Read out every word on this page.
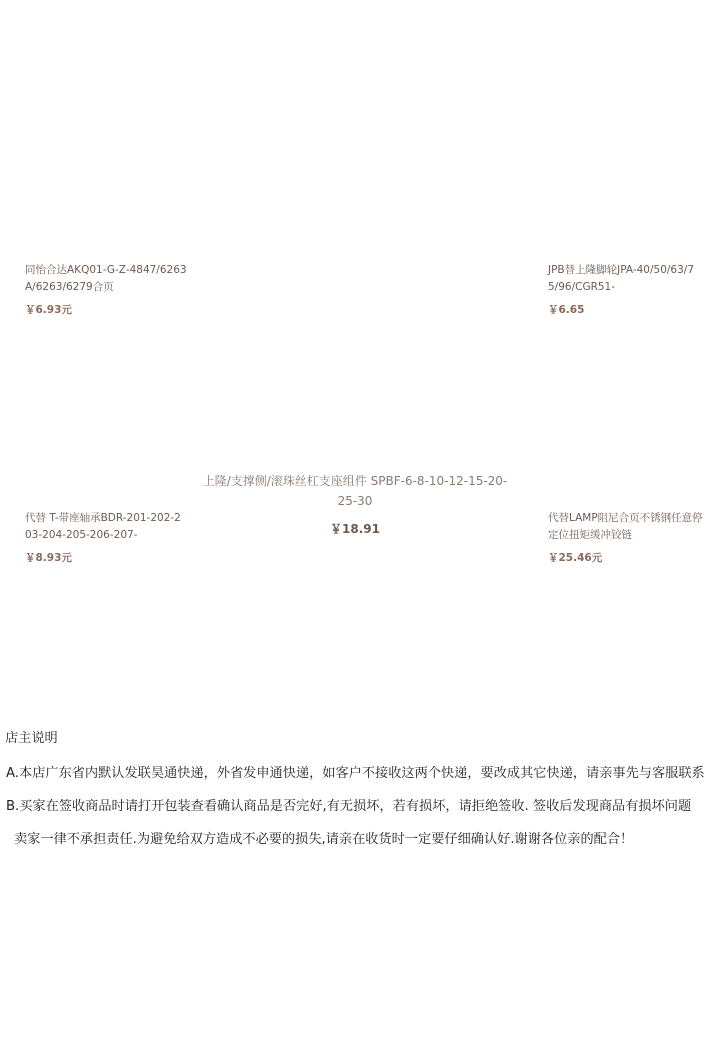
同怡合达AKQ01-G-Z-4847/6263A/6263/6279合页
￥6.93元
JPB替上隆脚轮JPA-40/50/63/75/96/CGR51-
￥6.65
上隆/支撑侧/滚珠丝杠支座组件 SPBF-6-8-10-12-15-20-25-30
￥18.91
代替 T-带座轴承BDR-201-202-203-204-205-206-207-
￥8.93元
代替LAMP阻尼合页不锈钢任意停定位扭矩缓冲铰链
￥25.46元

店主说明

A.本店广东省内默认发联昊通快递，外省发申通快递，如客户不接收这两个快递，要改成其它快递，请亲事先与客服联系

B.买家在签收商品时请打开包装查看确认商品是否完好,有无损坏，若有损坏，请拒绝签收. 签收后发现商品有损坏问题

卖家一律不承担责任.为避免给双方造成不必要的损失,请亲在收货时一定要仔细确认好.谢谢各位亲的配合！
